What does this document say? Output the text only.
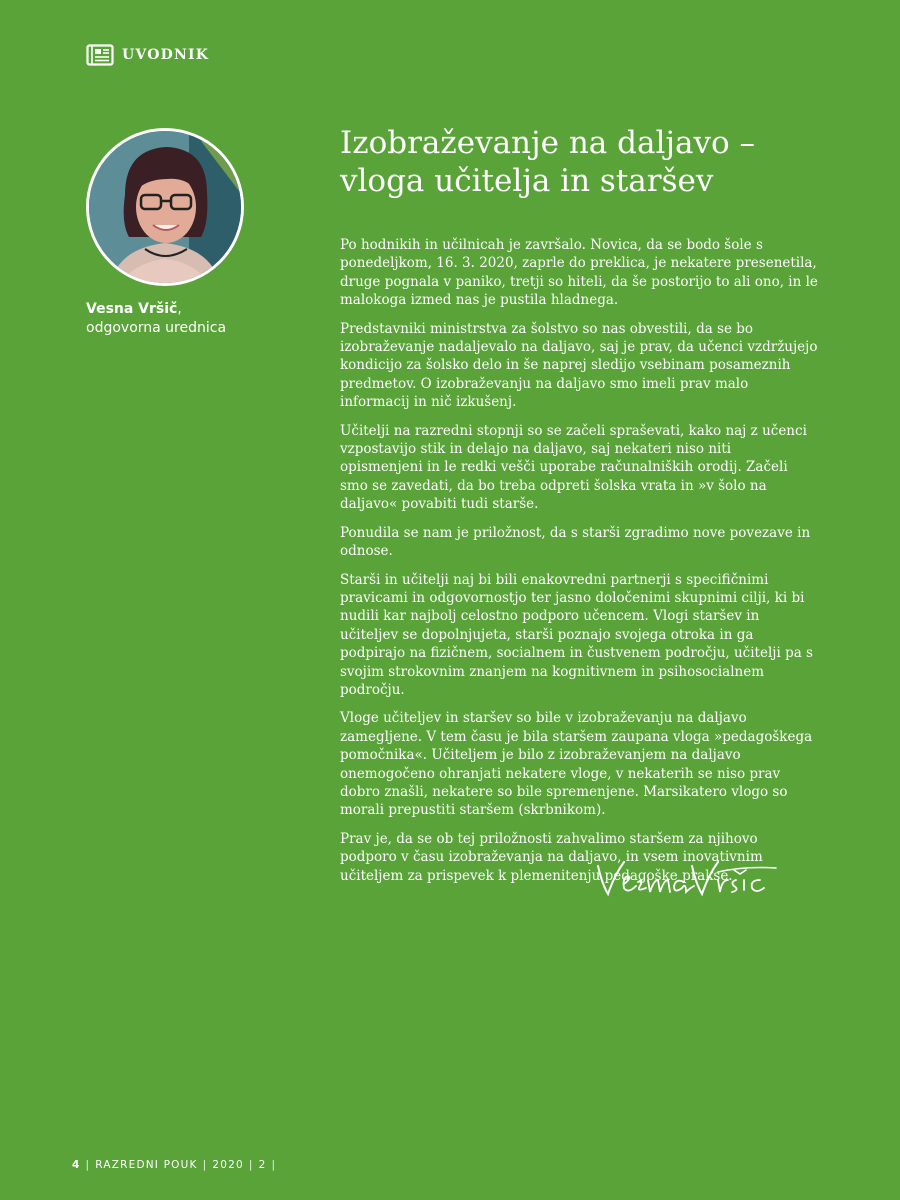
UVODNIK
Vesna Vršič,
odgovorna urednica
Izobraževanje na daljavo – vloga učitelja in staršev

Po hodnikih in učilnicah je završalo. Novica, da se bodo šole s ponedeljkom, 16. 3. 2020, zaprle do preklica, je nekatere presenetila, druge pognala v paniko, tretji so hiteli, da še postorijo to ali ono, in le malokoga izmed nas je pustila hladnega.

Predstavniki ministrstva za šolstvo so nas obvestili, da se bo izobraževanje nadaljevalo na daljavo, saj je prav, da učenci vzdržujejo kondicijo za šolsko delo in še naprej sledijo vsebinam posameznih predmetov. O izobraževanju na daljavo smo imeli prav malo informacij in nič izkušenj.

Učitelji na razredni stopnji so se začeli spraševati, kako naj z učenci vzpostavijo stik in delajo na daljavo, saj nekateri niso niti opismenjeni in le redki vešči uporabe računalniških orodij. Začeli smo se zavedati, da bo treba odpreti šolska vrata in »v šolo na daljavo« povabiti tudi starše.

Ponudila se nam je priložnost, da s starši zgradimo nove povezave in odnose.

Starši in učitelji naj bi bili enakovredni partnerji s specifičnimi pravicami in odgovornostjo ter jasno določenimi skupnimi cilji, ki bi nudili kar najbolj celostno podporo učencem. Vlogi staršev in učiteljev se dopolnjujeta, starši poznajo svojega otroka in ga podpirajo na fizičnem, socialnem in čustvenem področju, učitelji pa s svojim strokovnim znanjem na kognitivnem in psihosocialnem področju.

Vloge učiteljev in staršev so bile v izobraževanju na daljavo zamegljene. V tem času je bila staršem zaupana vloga »pedagoškega pomočnika«. Učiteljem je bilo z izobraževanjem na daljavo onemogočeno ohranjati nekatere vloge, v nekaterih se niso prav dobro znašli, nekatere so bile spremenjene. Marsikatero vlogo so morali prepustiti staršem (skrbnikom).

Prav je, da se ob tej priložnosti zahvalimo staršem za njihovo podporo v času izobraževanja na daljavo, in vsem inovativnim učiteljem za prispevek k plemenitenju pedagoške prakse.

4 | RAZREDNI POUK | 2020 | 2 |
